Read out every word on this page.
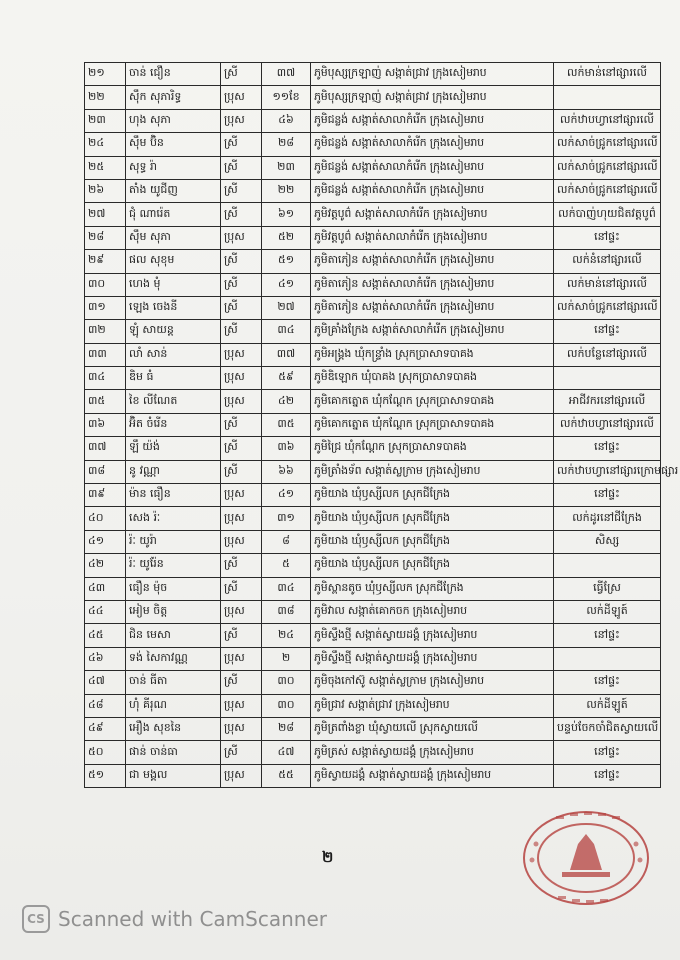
២១	ចាន់ ជឿន	ស្រី	៣៧	ភូមិបុស្សក្រឡាញ់ សង្កាត់ជ្រាវ ក្រុងសៀមរាប	លក់មាន់នៅផ្សារលើ
២២	ស៊ឹក សុភារិទ្ធ	ប្រុស	១១ខែ	ភូមិបុស្សក្រឡាញ់ សង្កាត់ជ្រាវ ក្រុងសៀមរាប	
២៣	ហុង សុភា	ប្រុស	៤៦	ភូមិជន្លង់ សង្កាត់សាលាកំរើក ក្រុងសៀមរាប	លក់ឋាបហ្វានៅផ្សារលើ
២៤	ស៊ឹម ប៊ិន	ស្រី	២៨	ភូមិជន្លង់ សង្កាត់សាលាកំរើក ក្រុងសៀមរាប	លក់សាច់ជ្រូកនៅផ្សារលើ
២៥	សុទ្ធ រ៉ា	ស្រី	២៣	ភូមិជន្លង់ សង្កាត់សាលាកំរើក ក្រុងសៀមរាប	លក់សាច់ជ្រូកនៅផ្សារលើ
២៦	តាំង យូជីញ	ស្រី	២២	ភូមិជន្លង់ សង្កាត់សាលាកំរើក ក្រុងសៀមរាប	លក់សាច់ជ្រូកនៅផ្សារលើ
២៧	ជុំ ណារ៉េត	ស្រី	៦១	ភូមិវត្តបូព៌ សង្កាត់សាលាកំរើក ក្រុងសៀមរាប	លក់បាញ់ហុយជិតវត្តបូព៌
២៨	ស៊ឹម សុភា	ប្រុស	៥២	ភូមិវត្តបូព៌ សង្កាត់សាលាកំរើក ក្រុងសៀមរាប	នៅផ្ទះ
២៩	ផល សុខុម	ស្រី	៥១	ភូមិតាភៀន សង្កាត់សាលាកំរើក ក្រុងសៀមរាប	លក់នំនៅផ្សារលើ
៣០	ហេង មុំ	ស្រី	៤១	ភូមិតាភៀន សង្កាត់សាលាកំរើក ក្រុងសៀមរាប	លក់មាន់នៅផ្សារលើ
៣១	ឡេង ចេងនី	ស្រី	២៧	ភូមិតាភៀន សង្កាត់សាលាកំរើក ក្រុងសៀមរាប	លក់សាច់ជ្រូកនៅផ្សារលើ
៣២	ឡុំ សាយន្ត	ស្រី	៣៤	ភូមិគ្រាំងក្រែង សង្កាត់សាលាកំរើក ក្រុងសៀមរាប	នៅផ្ទះ
៣៣	លាំ សាន់	ប្រុស	៣៧	ភូមិអង្គ្រង ឃុំកន្ទ្រាំង ស្រុកប្រាសាទបាគង	លក់បន្លែនៅផ្សារលើ
៣៤	ឌិម ធំ	ប្រុស	៥៩	ភូមិឌិឡោក ឃុំបាគង ស្រុកប្រាសាទបាគង	
៣៥	ខៃ លីណែត	ប្រុស	៤២	ភូមិគោកត្នោត ឃុំកណ្ដែក ស្រុកប្រាសាទបាគង	អាជីវករនៅផ្សារលើ
៣៦	អ៊ិត ចំរើន	ស្រី	៣៥	ភូមិគោកត្នោត ឃុំកណ្ដែក ស្រុកប្រាសាទបាគង	លក់ឋាបហ្វានៅផ្សារលើ
៣៧	ឡឹ យ៉ង់	ស្រី	៣៦	ភូមិជ្រៃ ឃុំកណ្ដែក ស្រុកប្រាសាទបាគង	នៅផ្ទះ
៣៨	នូ វណ្ណា	ស្រី	៦៦	ភូមិត្រាំងទ័ព សង្កាត់ស្លក្រាម ក្រុងសៀមរាប	លក់ឋាបហ្វានៅផ្សារក្រោមផ្សារ
៣៩	ម៉ាន ធឿន	ប្រុស	៤១	ភូមិយាង ឃុំឫស្សីលក ស្រុកជីក្រែង	នៅផ្ទះ
៤០	សេង រ៉ៈ	ប្រុស	៣១	ភូមិយាង ឃុំឫស្សីលក ស្រុកជីក្រែង	លក់ដូរនៅជីក្រែង
៤១	រ៉ៈ យូរ៉ា	ប្រុស	៨	ភូមិយាង ឃុំឫស្សីលក ស្រុកជីក្រែង	សិស្ស
៤២	រ៉ៈ យូរ៉ែន	ស្រី	៥	ភូមិយាង ឃុំឫស្សីលក ស្រុកជីក្រែង	
៤៣	ធឿន ម៉ុច	ស្រី	៣៤	ភូមិស្ពានតូច ឃុំឫស្សីលក ស្រុកជីក្រែង	ធ្វើស្រែ
៤៤	អៀម ចិត្ត	ប្រុស	៣៨	ភូមិវាល សង្កាត់គោកចក ក្រុងសៀមរាប	លក់ដីឡូត៍
៤៥	ជិន មេសា	ស្រី	២៤	ភូមិស្ទឹងថ្មី សង្កាត់ស្វាយដង្គំ ក្រុងសៀមរាប	នៅផ្ទះ
៤៦	ទង់ សៃកាវណ្ណ	ប្រុស	២	ភូមិស្ទឹងថ្មី សង្កាត់ស្វាយដង្គំ ក្រុងសៀមរាប	
៤៧	ចាន់ ធីតា	ស្រី	៣០	ភូមិចុងកៅស៊ូ សង្កាត់ស្លក្រាម ក្រុងសៀមរាប	នៅផ្ទះ
៤៨	ហុំ គីរុណ	ប្រុស	៣០	ភូមិជ្រាវ សង្កាត់ជ្រាវ ក្រុងសៀមរាប	លក់ដីឡូត៍
៤៩	អឿង សុខនៃ	ប្រុស	២៨	ភូមិត្រពាំងខ្លា ឃុំស្វាយលើ ស្រុកស្វាយលើ	បន្ទប់ចែកចាំជិតស្វាយលើ
៥០	ផាន់ ចាន់ធា	ស្រី	៤៧	ភូមិត្រស់ សង្កាត់ស្វាយដង្គំ ក្រុងសៀមរាប	នៅផ្ទះ
៥១	ជា មង្គល	ប្រុស	៥៥	ភូមិស្វាយដង្គំ សង្កាត់ស្វាយដង្គំ ក្រុងសៀមរាប	នៅផ្ទះ
២
CS Scanned with CamScanner
